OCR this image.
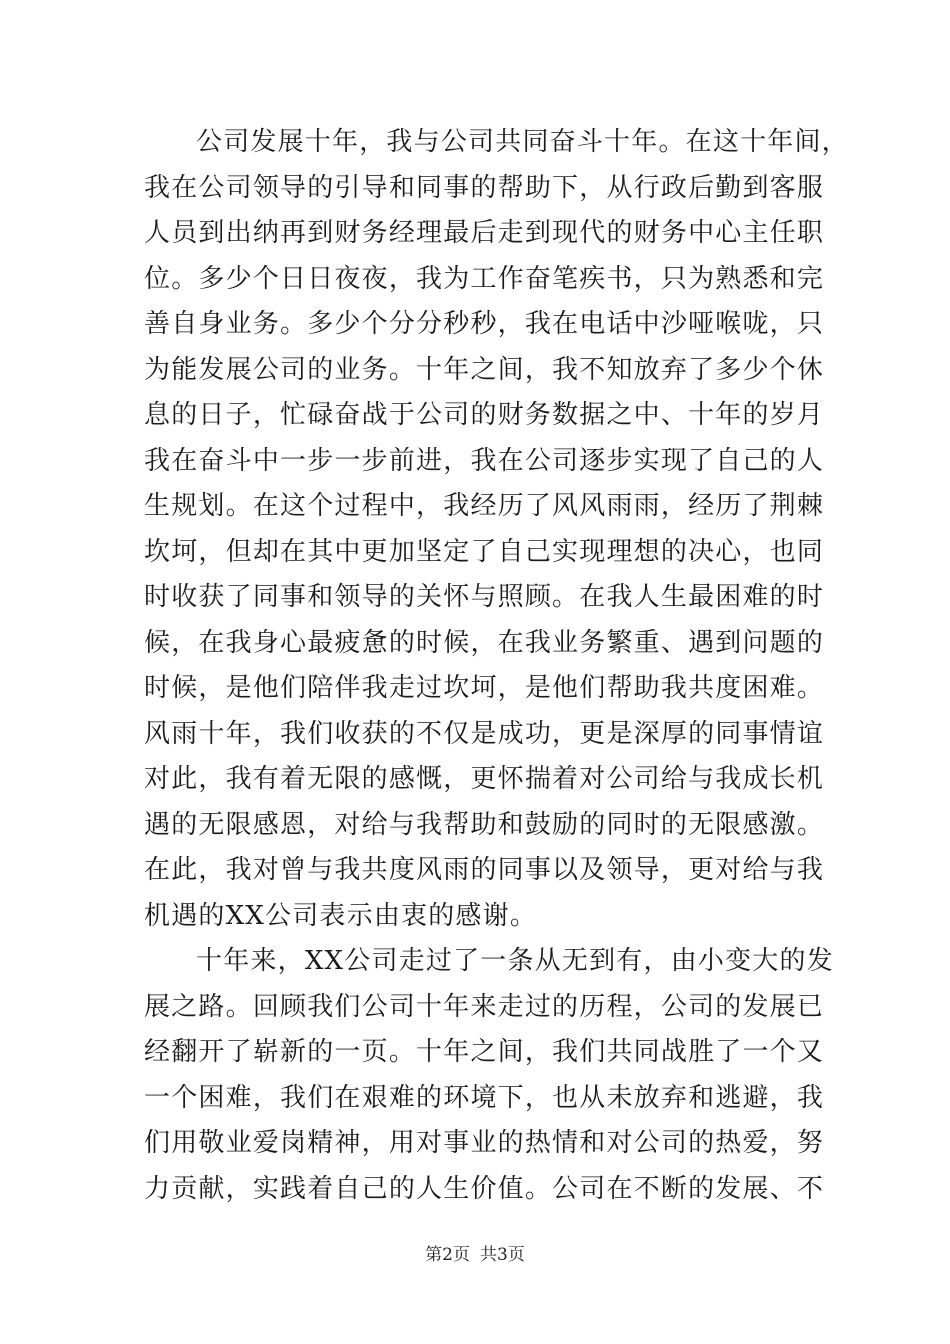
公 司 发 展 十 年 ， 我 与 公 司 共 同 奋 斗 十 年 。 在 这 十 年 间 ，
我 在 公 司 领 导 的 引 导 和 同 事 的 帮 助 下 ， 从 行 政 后 勤 到 客 服
人 员 到 出 纳 再 到 财 务 经 理 最 后 走 到 现 代 的 财 务 中 心 主 任 职
位 。 多 少 个 日 日 夜 夜 ， 我 为 工 作 奋 笔 疾 书 ， 只 为 熟 悉 和 完
善 自 身 业 务 。 多 少 个 分 分 秒 秒 ， 我 在 电 话 中 沙 哑 喉 咙 ， 只
为 能 发 展 公 司 的 业 务 。 十 年 之 间 ， 我 不 知 放 弃 了 多 少 个 休
息 的 日 子 ， 忙 碌 奋 战 于 公 司 的 财 务 数 据 之 中 、 十 年 的 岁 月
我 在 奋 斗 中 一 步 一 步 前 进 ， 我 在 公 司 逐 步 实 现 了 自 己 的 人
生 规 划 。 在 这 个 过 程 中 ， 我 经 历 了 风 风 雨 雨 ， 经 历 了 荆 棘
坎 坷 ， 但 却 在 其 中 更 加 坚 定 了 自 己 实 现 理 想 的 决 心 ， 也 同
时 收 获 了 同 事 和 领 导 的 关 怀 与 照 顾 。 在 我 人 生 最 困 难 的 时
候 ， 在 我 身 心 最 疲 惫 的 时 候 ， 在 我 业 务 繁 重 、 遇 到 问 题 的
时 候 ， 是 他 们 陪 伴 我 走 过 坎 坷 ， 是 他 们 帮 助 我 共 度 困 难 。
风 雨 十 年 ， 我 们 收 获 的 不 仅 是 成 功 ， 更 是 深 厚 的 同 事 情 谊
对 此 ， 我 有 着 无 限 的 感 慨 ， 更 怀 揣 着 对 公 司 给 与 我 成 长 机
遇 的 无 限 感 恩 ， 对 给 与 我 帮 助 和 鼓 励 的 同 时 的 无 限 感 激 。
在 此 ， 我 对 曾 与 我 共 度 风 雨 的 同 事 以 及 领 导 ， 更 对 给 与 我
机遇的XX公司表示由衷的感谢。
十 年 来 ， X X 公 司 走 过 了 一 条 从 无 到 有 ， 由 小 变 大 的 发
展 之 路 。 回 顾 我 们 公 司 十 年 来 走 过 的 历 程 ， 公 司 的 发 展 已
经 翻 开 了 崭 新 的 一 页 。 十 年 之 间 ， 我 们 共 同 战 胜 了 一 个 又
一 个 困 难 ， 我 们 在 艰 难 的 环 境 下 ， 也 从 未 放 弃 和 逃 避 ， 我
们 用 敬 业 爱 岗 精 神 ， 用 对 事 业 的 热 情 和 对 公 司 的 热 爱 ， 努
力 贡 献 ， 实 践 着 自 己 的 人 生 价 值 。 公 司 在 不 断 的 发 展 、 不
第2页 共3页
